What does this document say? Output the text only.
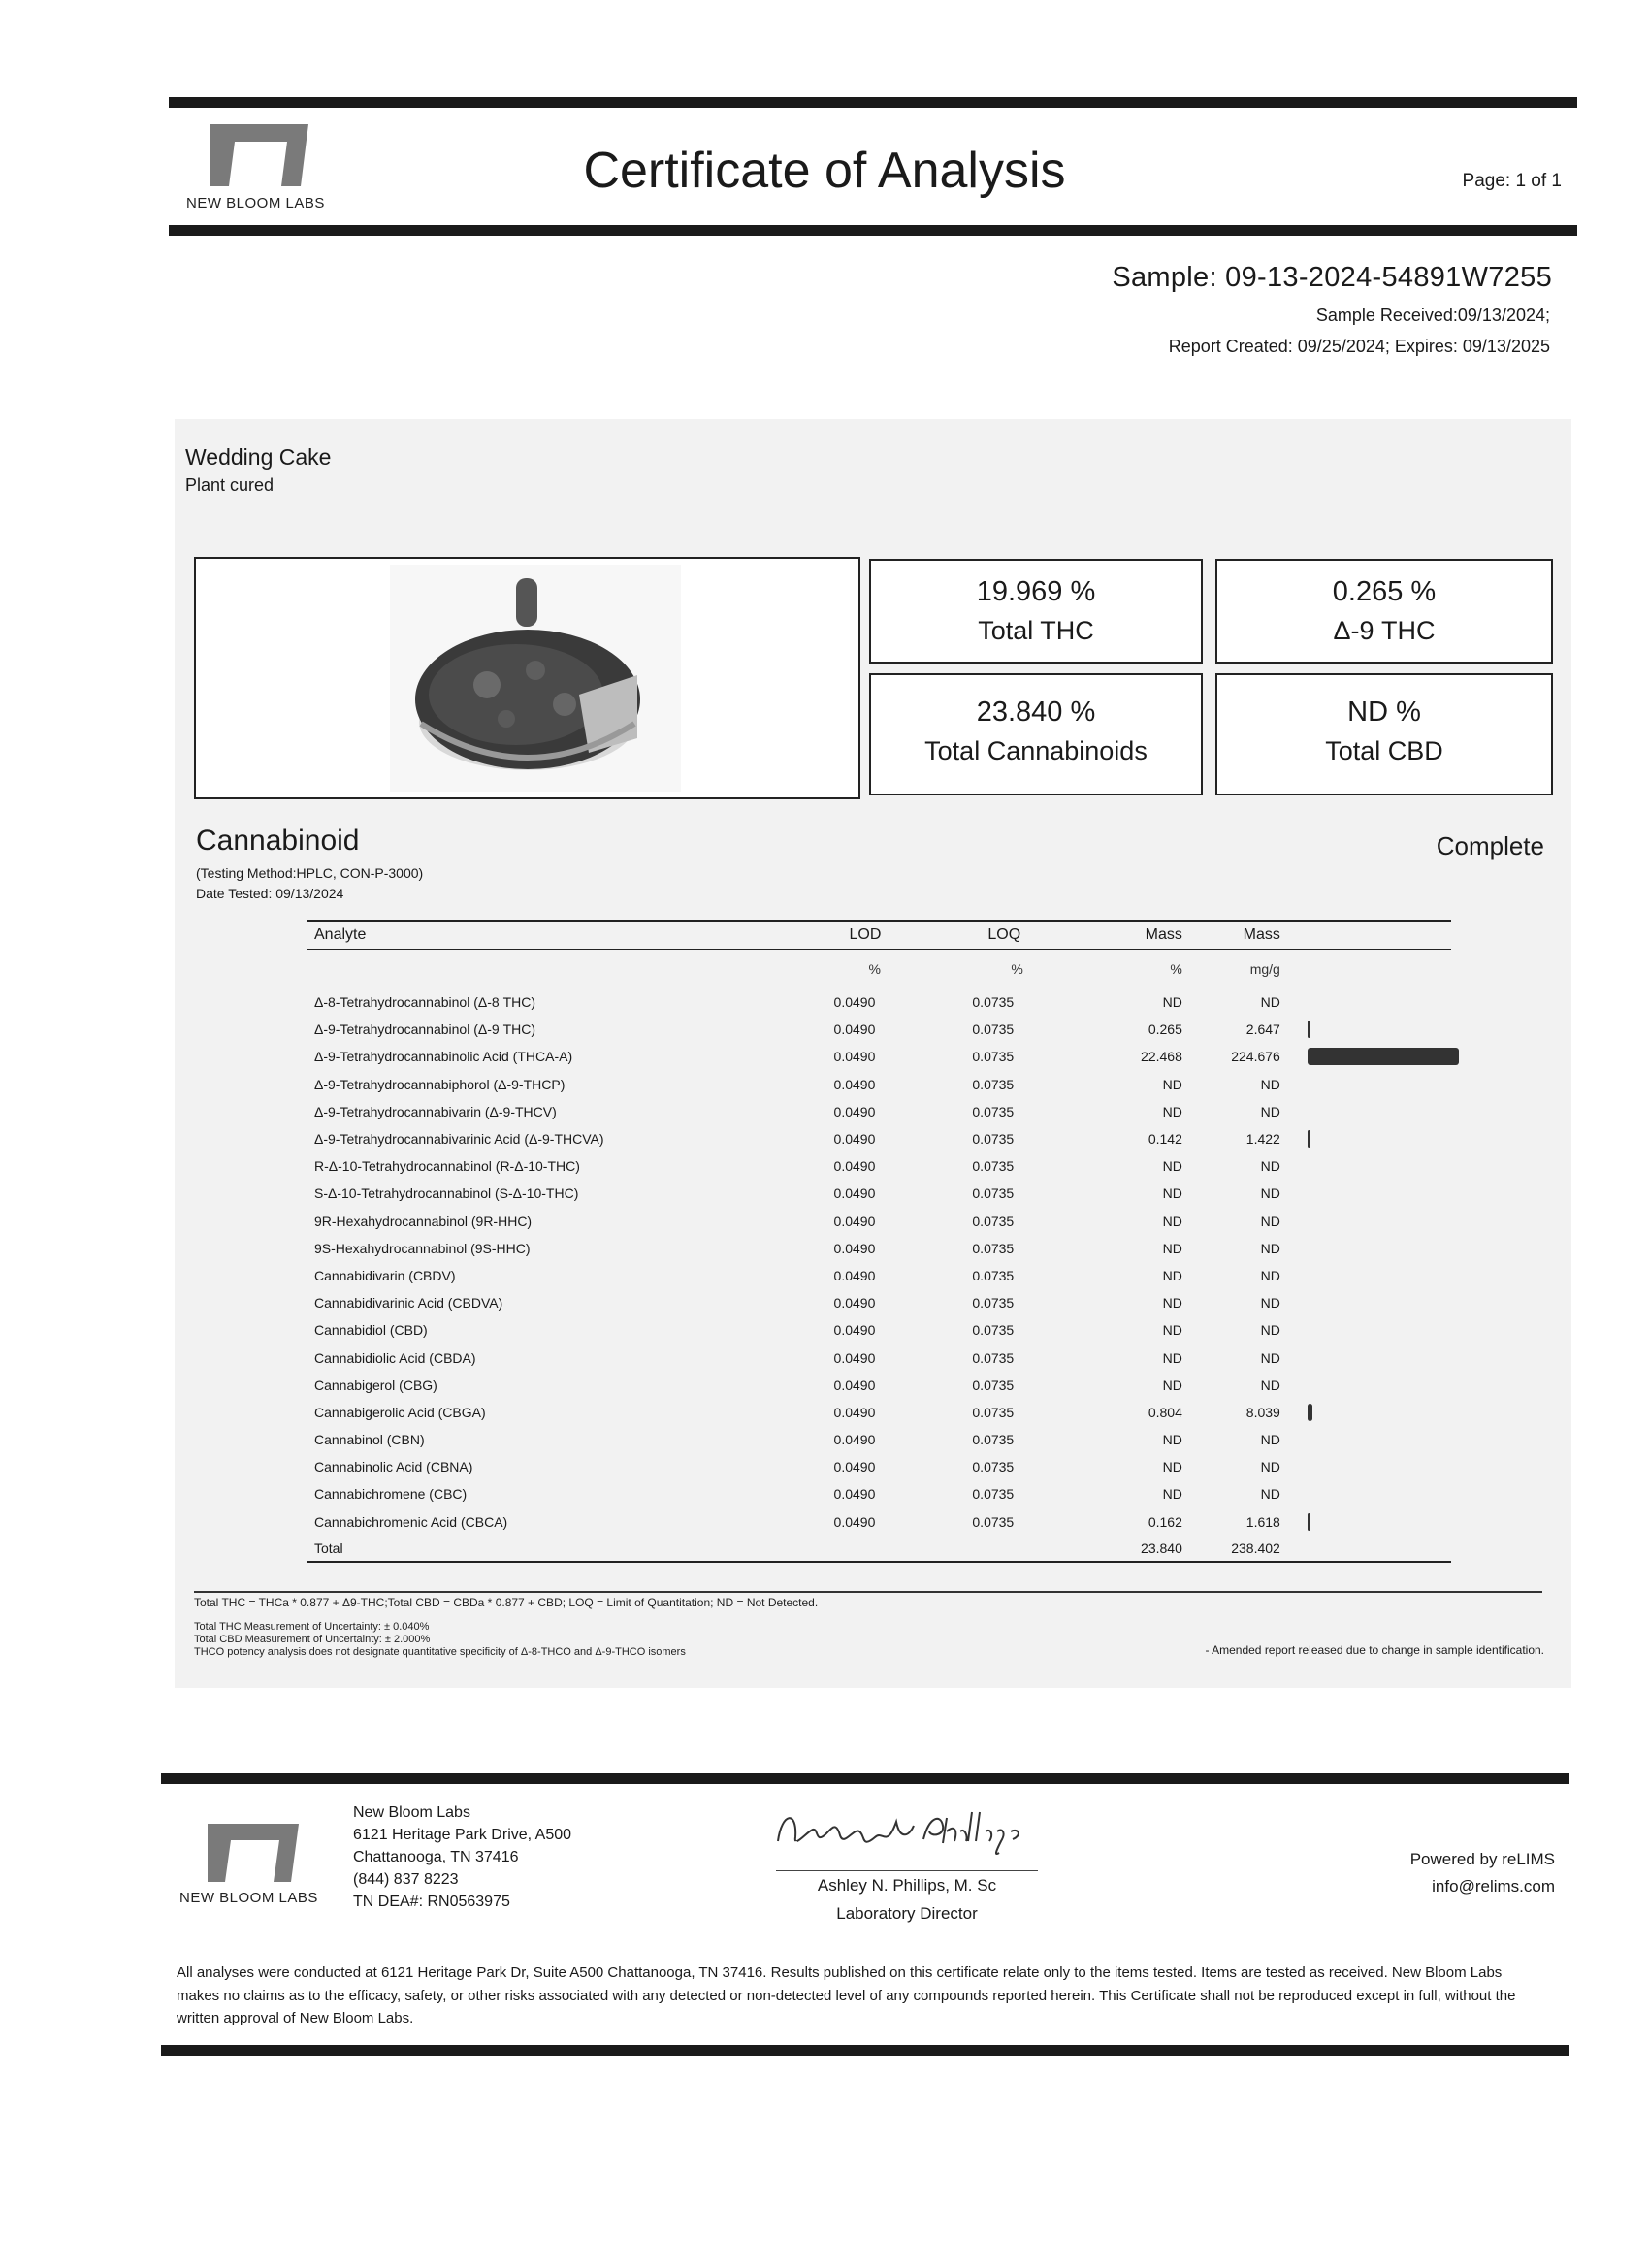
NEW BLOOM LABS
Certificate of Analysis	Page: 1 of 1
Sample: 09-13-2024-54891W7255
Sample Received:09/13/2024;
Report Created: 09/25/2024; Expires: 09/13/2025
Wedding Cake
Plant cured
19.969 %
Total THC
0.265 %
Δ-9 THC
23.840 %
Total Cannabinoids
ND %
Total CBD
Cannabinoid	Complete
(Testing Method:HPLC, CON-P-3000)
Date Tested: 09/13/2024
Analyte	LOD	LOQ	Mass	Mass	
	%	%	%	mg/g	
Δ-8-Tetrahydrocannabinol (Δ-8 THC)	0.0490	0.0735	ND	ND	
Δ-9-Tetrahydrocannabinol (Δ-9 THC)	0.0490	0.0735	0.265	2.647	

Δ-9-Tetrahydrocannabinolic Acid (THCA-A)	0.0490	0.0735	22.468	224.676	

Δ-9-Tetrahydrocannabiphorol (Δ-9-THCP)	0.0490	0.0735	ND	ND	
Δ-9-Tetrahydrocannabivarin (Δ-9-THCV)	0.0490	0.0735	ND	ND	
Δ-9-Tetrahydrocannabivarinic Acid (Δ-9-THCVA)	0.0490	0.0735	0.142	1.422	

R-Δ-10-Tetrahydrocannabinol (R-Δ-10-THC)	0.0490	0.0735	ND	ND	
S-Δ-10-Tetrahydrocannabinol (S-Δ-10-THC)	0.0490	0.0735	ND	ND	
9R-Hexahydrocannabinol (9R-HHC)	0.0490	0.0735	ND	ND	
9S-Hexahydrocannabinol (9S-HHC)	0.0490	0.0735	ND	ND	
Cannabidivarin (CBDV)	0.0490	0.0735	ND	ND	
Cannabidivarinic Acid (CBDVA)	0.0490	0.0735	ND	ND	
Cannabidiol (CBD)	0.0490	0.0735	ND	ND	
Cannabidiolic Acid (CBDA)	0.0490	0.0735	ND	ND	
Cannabigerol (CBG)	0.0490	0.0735	ND	ND	
Cannabigerolic Acid (CBGA)	0.0490	0.0735	0.804	8.039	

Cannabinol (CBN)	0.0490	0.0735	ND	ND	
Cannabinolic Acid (CBNA)	0.0490	0.0735	ND	ND	
Cannabichromene (CBC)	0.0490	0.0735	ND	ND	
Cannabichromenic Acid (CBCA)	0.0490	0.0735	0.162	1.618	

Total			23.840	238.402	
Total THC = THCa * 0.877 + Δ9-THC;Total CBD = CBDa * 0.877 + CBD; LOQ = Limit of Quantitation; ND = Not Detected.
Total THC Measurement of Uncertainty: ± 0.040%
Total CBD Measurement of Uncertainty: ± 2.000%
THCO potency analysis does not designate quantitative specificity of Δ-8-THCO and Δ-9-THCO isomers	- Amended report released due to change in sample identification.
NEW BLOOM LABS
New Bloom Labs
6121 Heritage Park Drive, A500
Chattanooga, TN 37416
(844) 837 8223
TN DEA#: RN0563975
Ashley N Phillips
Ashley N. Phillips, M. Sc
Laboratory Director
Powered by reLIMS
info@relims.com
All analyses were conducted at 6121 Heritage Park Dr, Suite A500 Chattanooga, TN 37416. Results published on this certificate relate only to the items tested. Items are tested as received. New Bloom Labs makes no claims as to the efficacy, safety, or other risks associated with any detected or non-detected level of any compounds reported herein. This Certificate shall not be reproduced except in full, without the written approval of New Bloom Labs.
